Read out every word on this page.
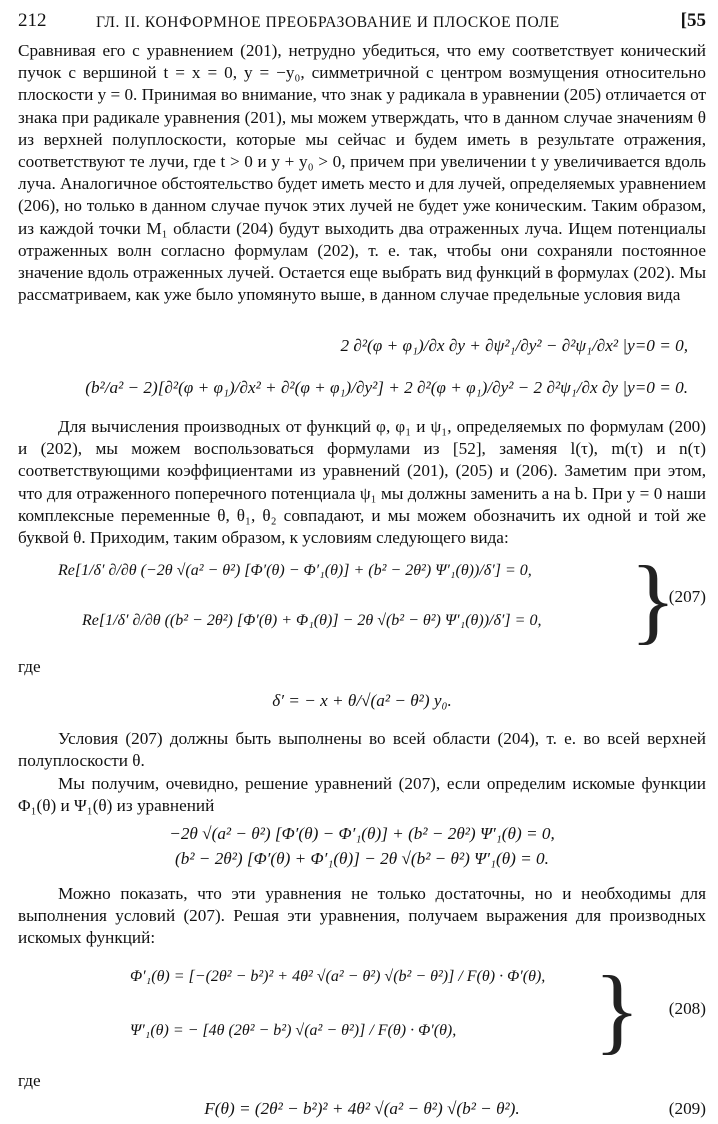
212	ГЛ. II. КОНФОРМНОЕ ПРЕОБРАЗОВАНИЕ И ПЛОСКОЕ ПОЛЕ	[55

Сравнивая его с уравнением (201), нетрудно убедиться, что ему соответствует конический пучок с вершиной t = x = 0, y = −y₀, симметричной с центром возмущения относительно плоскости y = 0. Принимая во внимание, что знак у радикала в уравнении (205) отличается от знака при радикале уравнения (201), мы можем утверждать, что в данном случае значениям θ из верхней полуплоскости, которые мы сейчас и будем иметь в результате отражения, соответствуют те лучи, где t > 0 и y + y₀ > 0, причем при увеличении t y увеличивается вдоль луча. Аналогичное обстоятельство будет иметь место и для лучей, определяемых уравнением (206), но только в данном случае пучок этих лучей не будет уже коническим. Таким образом, из каждой точки M₁ области (204) будут выходить два отраженных луча. Ищем потенциалы отраженных волн согласно формулам (202), т. е. так, чтобы они сохраняли постоянное значение вдоль отраженных лучей. Остается еще выбрать вид функций в формулах (202). Мы рассматриваем, как уже было упомянуто выше, в данном случае предельные условия вида

2 ∂²(φ + φ₁)/∂x ∂y + ∂ψ²₁/∂y² − ∂²ψ₁/∂x² |y=0 = 0,
(b²/a² − 2)[∂²(φ + φ₁)/∂x² + ∂²(φ + φ₁)/∂y²] + 2 ∂²(φ + φ₁)/∂y² − 2 ∂²ψ₁/∂x ∂y |y=0 = 0.

Для вычисления производных от функций φ, φ₁ и ψ₁, определяемых по формулам (200) и (202), мы можем воспользоваться формулами из [52], заменяя l(τ), m(τ) и n(τ) соответствующими коэффициентами из уравнений (201), (205) и (206). Заметим при этом, что для отраженного поперечного потенциала ψ₁ мы должны заменить a на b. При y = 0 наши комплексные переменные θ, θ₁, θ₂ совпадают, и мы можем обозначить их одной и той же буквой θ. Приходим, таким образом, к условиям следующего вида:

Re[1/δ′ ∂/∂θ (−2θ √(a² − θ²) [Φ′(θ) − Φ′₁(θ)] + (b² − 2θ²) Ψ′₁(θ))/δ′] = 0,
Re[1/δ′ ∂/∂θ ((b² − 2θ²) [Φ′(θ) + Φ₁(θ)] − 2θ √(b² − θ²) Ψ′₁(θ))/δ′] = 0, }
(207)

где

δ′ = − x + θ/√(a² − θ²) y₀.

Условия (207) должны быть выполнены во всей области (204), т. е. во всей верхней полуплоскости θ.

Мы получим, очевидно, решение уравнений (207), если определим искомые функции Φ₁(θ) и Ψ₁(θ) из уравнений

−2θ √(a² − θ²) [Φ′(θ) − Φ′₁(θ)] + (b² − 2θ²) Ψ′₁(θ) = 0,
(b² − 2θ²) [Φ′(θ) + Φ′₁(θ)] − 2θ √(b² − θ²) Ψ′₁(θ) = 0.

Можно показать, что эти уравнения не только достаточны, но и необходимы для выполнения условий (207). Решая эти уравнения, получаем выражения для производных искомых функций:

Φ′₁(θ) = [−(2θ² − b²)² + 4θ² √(a² − θ²) √(b² − θ²)] / F(θ) · Φ′(θ),
Ψ′₁(θ) = − [4θ (2θ² − b²) √(a² − θ²)] / F(θ) · Φ′(θ), } (208)

где

F(θ) = (2θ² − b²)² + 4θ² √(a² − θ²) √(b² − θ²).	(209)
